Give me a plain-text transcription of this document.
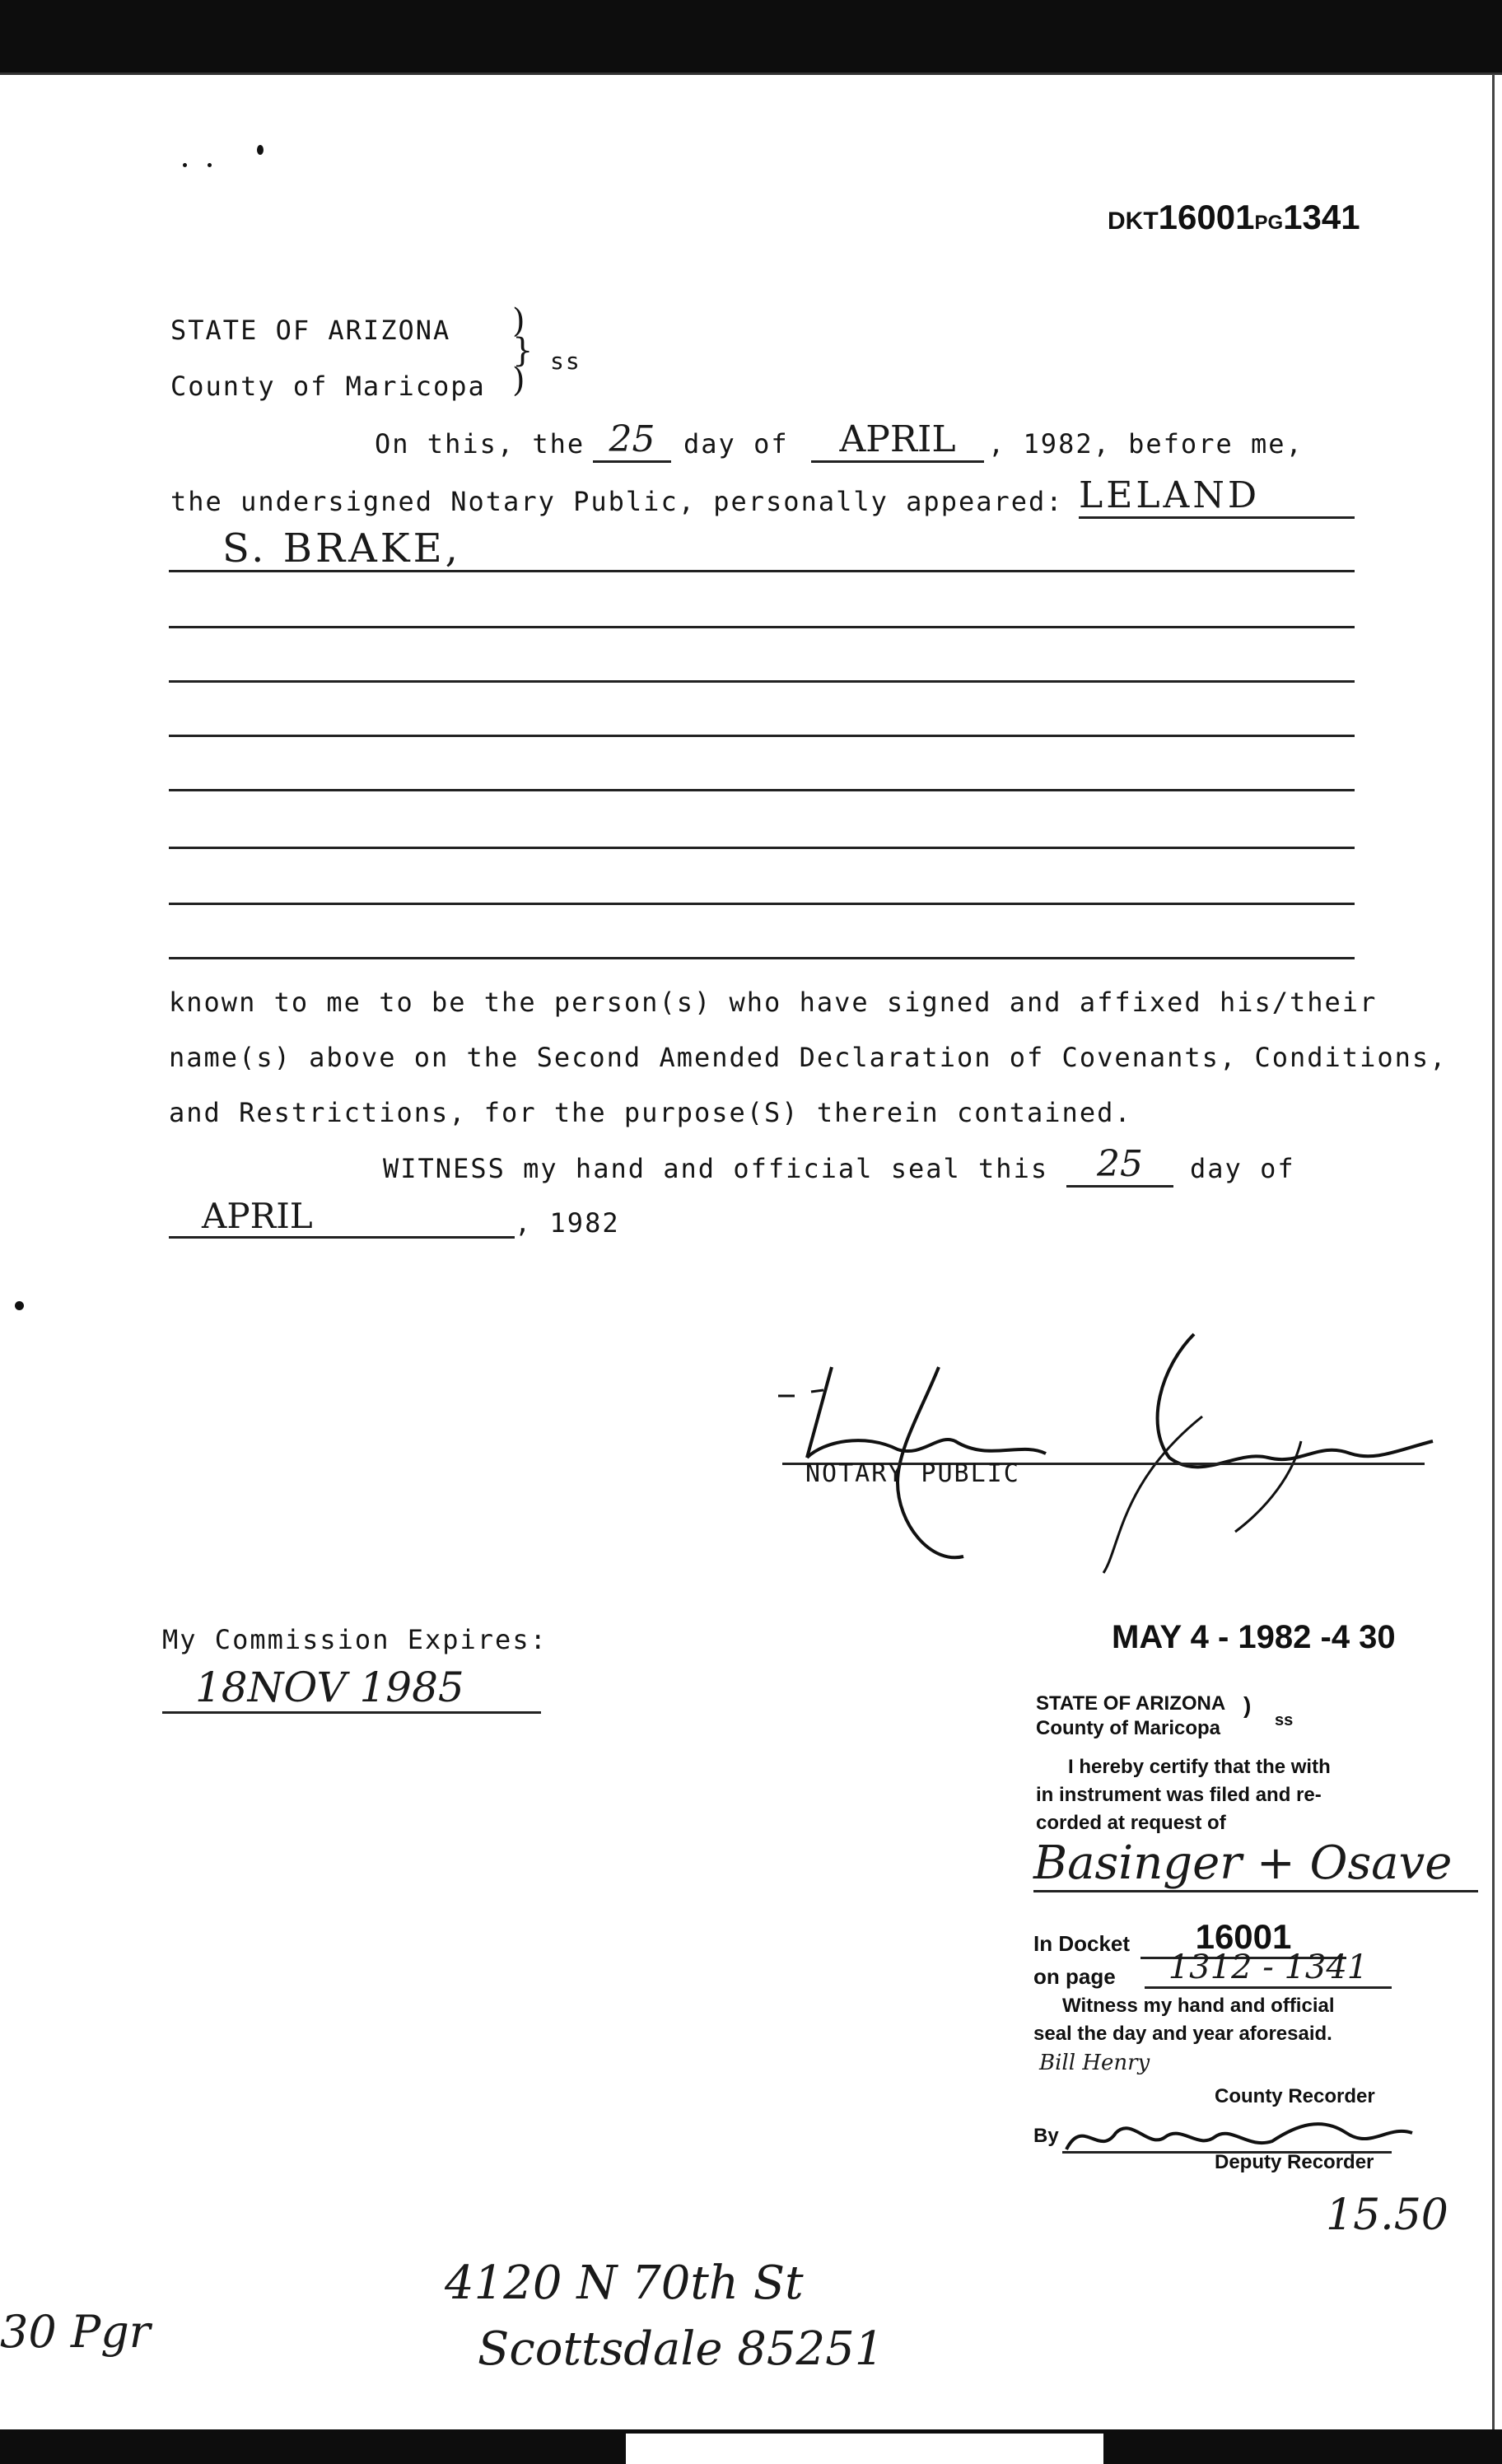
DKT16001PG1341
STATE OF ARIZONA
County of Maricopa
)
}
)
ss
On this, the 25	day of	APRIL	, 1982, before me,
the undersigned Notary Public, personally appeared: LELAND
S. BRAKE,
known to me to be the person(s) who have signed and affixed his/their
name(s) above on the Second Amended Declaration of Covenants, Conditions,
and Restrictions, for the purpose(S) therein contained.
WITNESS my hand and official seal this	25	day of
APRIL	, 1982
NOTARY PUBLIC
My Commission Expires:
18NOV 1985
MAY 4 - 1982 -4 30
STATE OF ARIZONA
County of Maricopa
)
ss
I hereby certify that the with
in instrument was filed and re-
corded at request of
Basinger + Osave
In Docket	16001
on page	1312 - 1341
Witness my hand and official
seal the day and year aforesaid.
Bill Henry
County Recorder
By
Deputy Recorder
15.50
4120 N 70th St
Scottsdale 85251
30 Pgr
